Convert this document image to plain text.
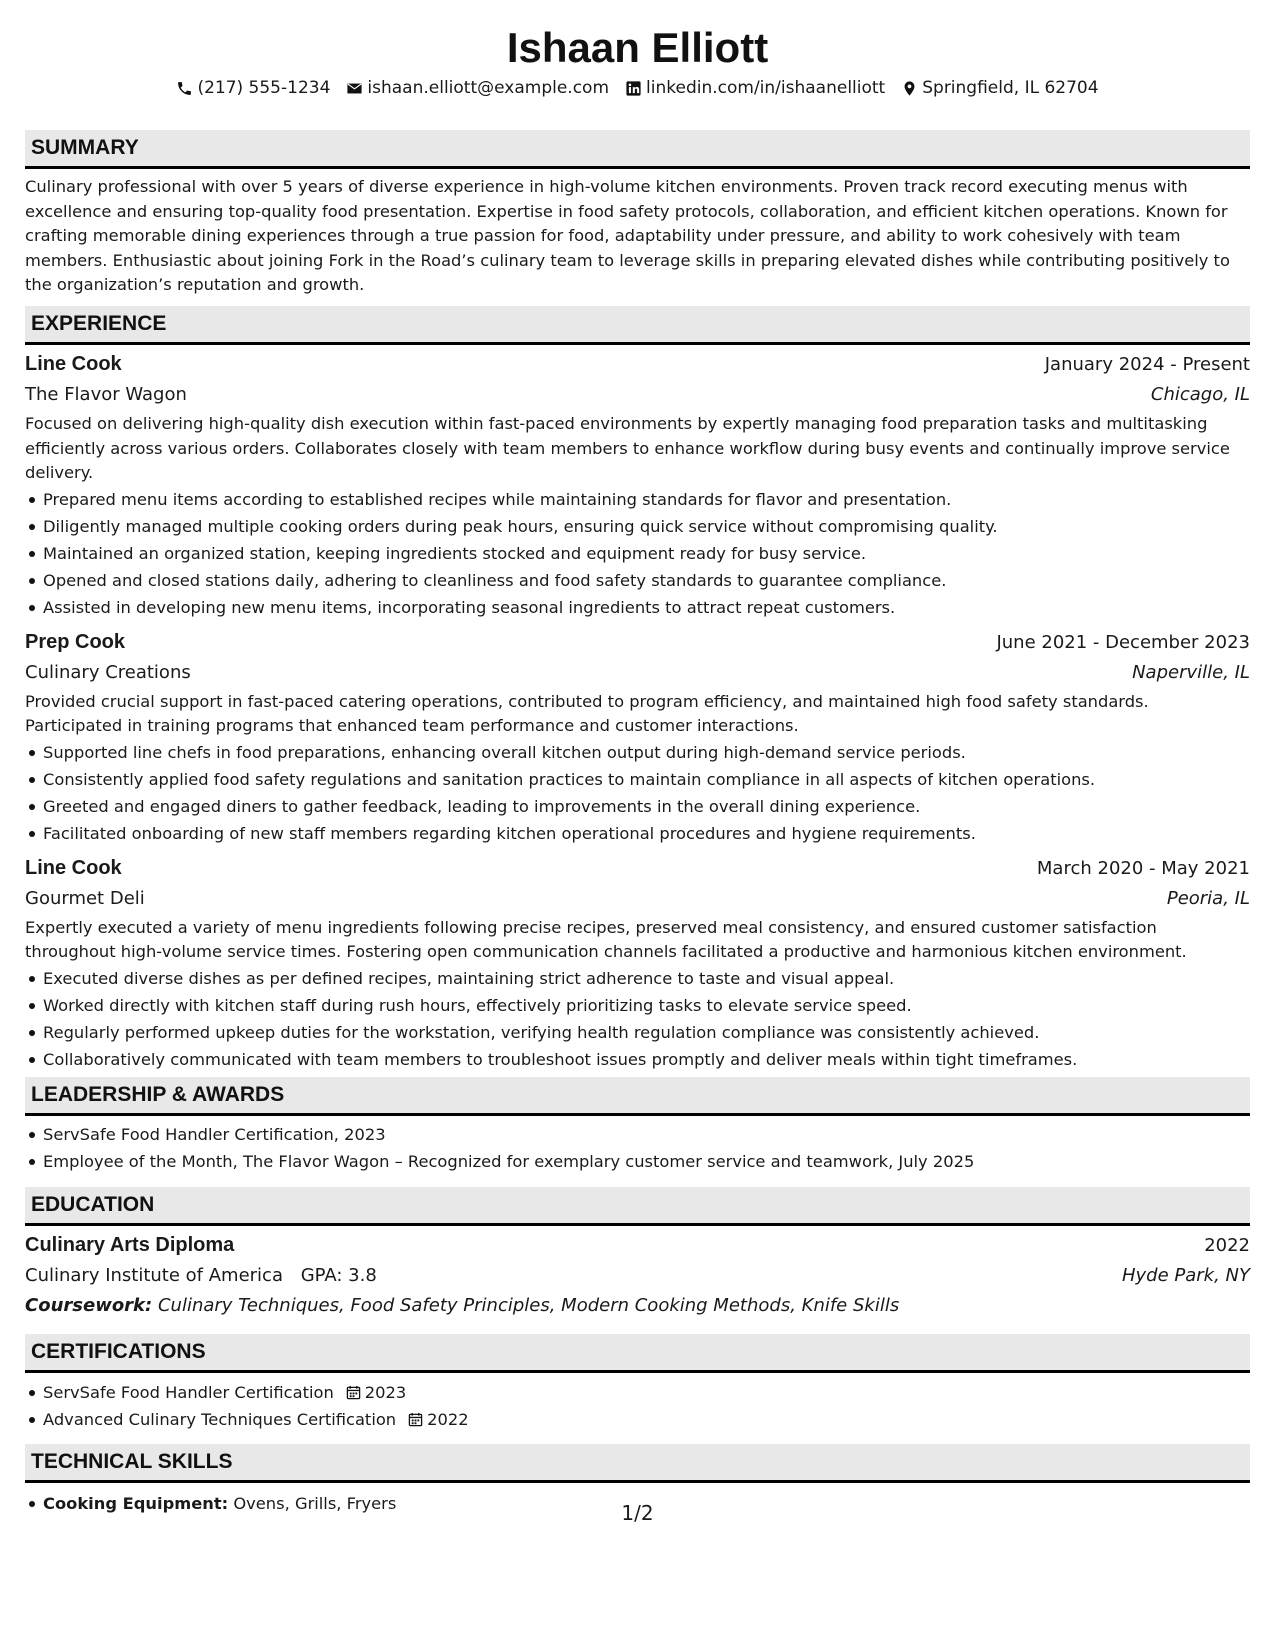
Ishaan Elliott
(217) 555-1234 ishaan.elliott@example.com linkedin.com/in/ishaanelliott Springfield, IL 62704
SUMMARY
Culinary professional with over 5 years of diverse experience in high-volume kitchen environments. Proven track record executing menus with excellence and ensuring top-quality food presentation. Expertise in food safety protocols, collaboration, and efficient kitchen operations. Known for crafting memorable dining experiences through a true passion for food, adaptability under pressure, and ability to work cohesively with team members. Enthusiastic about joining Fork in the Road’s culinary team to leverage skills in preparing elevated dishes while contributing positively to the organization’s reputation and growth.
EXPERIENCE
Line Cook	January 2024 - Present
The Flavor Wagon	Chicago, IL
Focused on delivering high-quality dish execution within fast-paced environments by expertly managing food preparation tasks and multitasking efficiently across various orders. Collaborates closely with team members to enhance workflow during busy events and continually improve service delivery.
Prepared menu items according to established recipes while maintaining standards for flavor and presentation.
Diligently managed multiple cooking orders during peak hours, ensuring quick service without compromising quality.
Maintained an organized station, keeping ingredients stocked and equipment ready for busy service.
Opened and closed stations daily, adhering to cleanliness and food safety standards to guarantee compliance.
Assisted in developing new menu items, incorporating seasonal ingredients to attract repeat customers.
Prep Cook	June 2021 - December 2023
Culinary Creations	Naperville, IL
Provided crucial support in fast-paced catering operations, contributed to program efficiency, and maintained high food safety standards. Participated in training programs that enhanced team performance and customer interactions.
Supported line chefs in food preparations, enhancing overall kitchen output during high-demand service periods.
Consistently applied food safety regulations and sanitation practices to maintain compliance in all aspects of kitchen operations.
Greeted and engaged diners to gather feedback, leading to improvements in the overall dining experience.
Facilitated onboarding of new staff members regarding kitchen operational procedures and hygiene requirements.
Line Cook	March 2020 - May 2021
Gourmet Deli	Peoria, IL
Expertly executed a variety of menu ingredients following precise recipes, preserved meal consistency, and ensured customer satisfaction throughout high-volume service times. Fostering open communication channels facilitated a productive and harmonious kitchen environment.
Executed diverse dishes as per defined recipes, maintaining strict adherence to taste and visual appeal.
Worked directly with kitchen staff during rush hours, effectively prioritizing tasks to elevate service speed.
Regularly performed upkeep duties for the workstation, verifying health regulation compliance was consistently achieved.
Collaboratively communicated with team members to troubleshoot issues promptly and deliver meals within tight timeframes.
LEADERSHIP & AWARDS
ServSafe Food Handler Certification, 2023
Employee of the Month, The Flavor Wagon – Recognized for exemplary customer service and teamwork, July 2025
EDUCATION
Culinary Arts Diploma	2022
Culinary Institute of America GPA: 3.8	Hyde Park, NY
Coursework: Culinary Techniques, Food Safety Principles, Modern Cooking Methods, Knife Skills
CERTIFICATIONS
ServSafe Food Handler Certification 2023
Advanced Culinary Techniques Certification 2022
TECHNICAL SKILLS
Cooking Equipment: Ovens, Grills, Fryers	1/2
